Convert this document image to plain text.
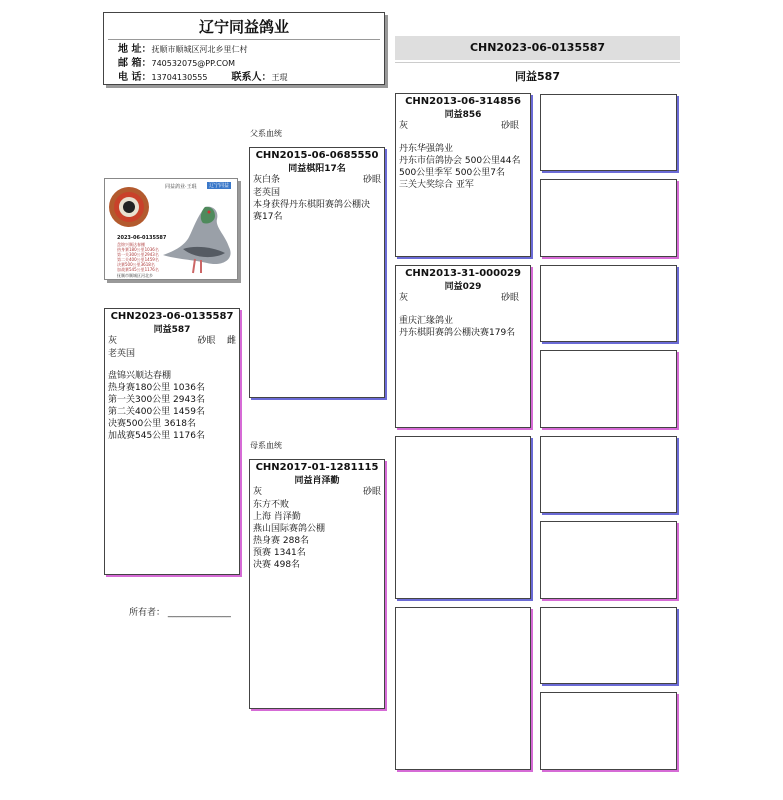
辽宁同益鸽业
地 址：抚顺市顺城区河北乡里仁村
邮 箱：740532075@PP.COM
电 话：13704130555 联系人：王琨
CHN2023-06-0135587
同益587
父系血统
母系血统
同益鸽业·王琨	辽宁同益
2023-06-0135587
盘锦兴顺达春棚
热身赛180公里1036名
第一关300公里2943名
第二关400公里1459名
决赛500公里3618名
加战赛545公里1176名
抚顺市顺城区河北乡
CHN2023-06-0135587
同益587
灰	砂眼 雌
老英国
盘锦兴顺达春棚
热身赛180公里 1036名
第一关300公里 2943名
第二关400公里 1459名
决赛500公里 3618名
加战赛545公里 1176名
所有者： ______________
CHN2015-06-0685550
同益棋阳17名
灰白条	砂眼
老英国
本身获得丹东棋阳赛鸽公棚决
赛17名
CHN2017-01-1281115
同益肖泽勤
灰	砂眼
东方不败
上海 肖泽勤
燕山国际赛鸽公棚
热身赛 288名
预赛 1341名
决赛 498名
CHN2013-06-314856
同益856
灰	砂眼
丹东华强鸽业
丹东市信鸽协会 500公里44名
500公里季军 500公里7名
三关大奖综合 亚军
CHN2013-31-000029
同益029
灰	砂眼
重庆汇缘鸽业
丹东棋阳赛鸽公棚决赛179名
